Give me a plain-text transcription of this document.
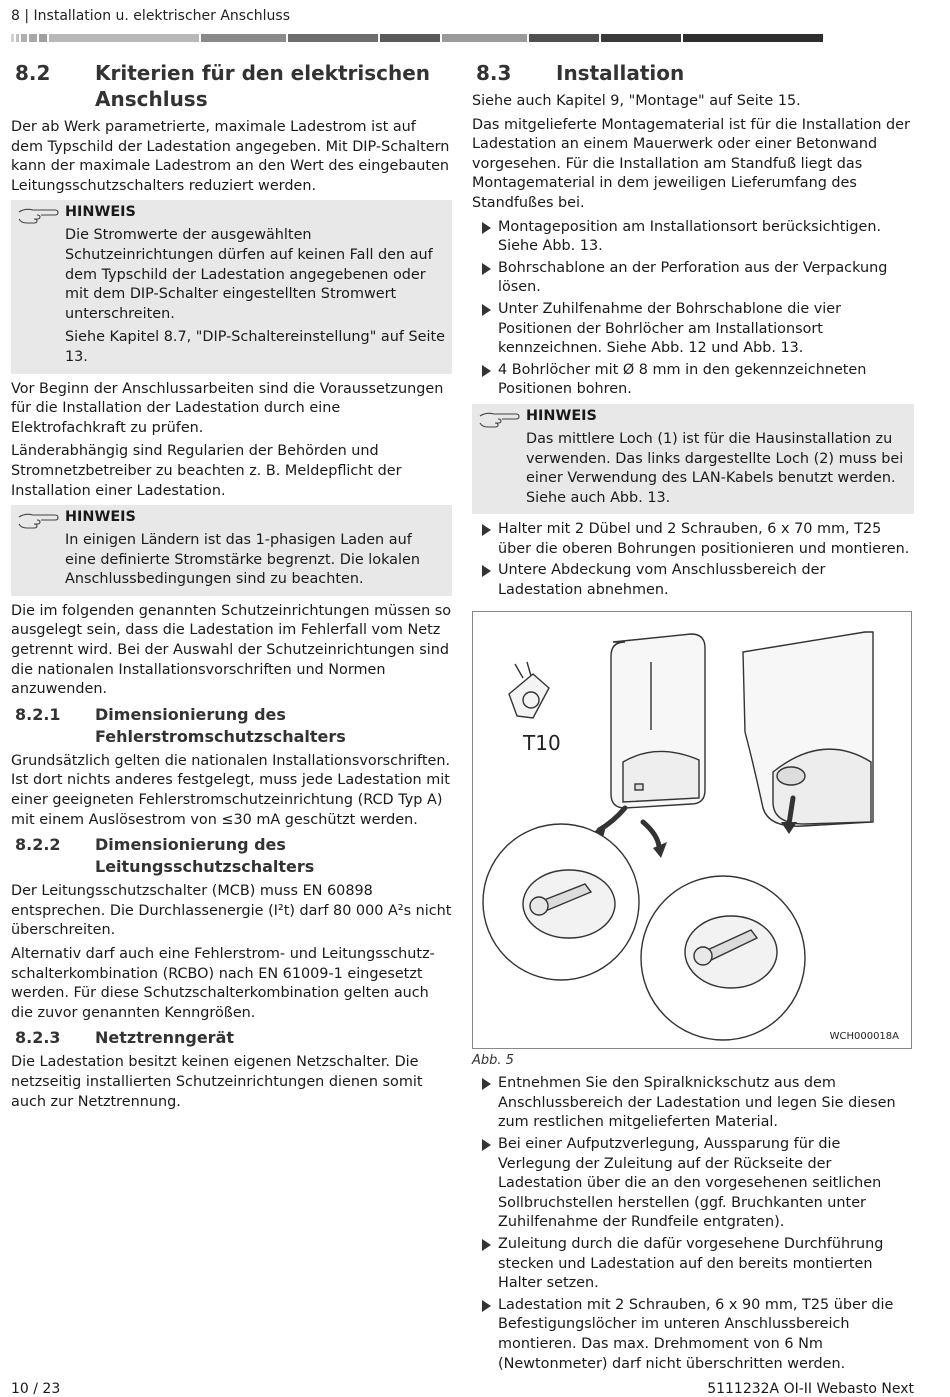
8 | Installation u. elektrischer Anschluss
8.2	Kriterien für den elektrischen
Anschluss

Der ab Werk parametrierte, maximale Ladestrom ist auf dem Typschild der Ladestation angegeben. Mit DIP-Schaltern kann der maximale Ladestrom an den Wert des eingebauten Leitungsschutzschalters reduziert werden.

HINWEIS

Die Stromwerte der ausgewählten Schutzeinrichtungen dürfen auf keinen Fall den auf dem Typschild der Ladestation angegebenen oder mit dem DIP-Schalter eingestellten Stromwert unterschreiten.

Siehe Kapitel 8.7, "DIP-Schaltereinstellung" auf Seite 13.

Vor Beginn der Anschlussarbeiten sind die Voraussetzungen für die Installation der Ladestation durch eine Elektrofachkraft zu prüfen.

Länderabhängig sind Regularien der Behörden und Stromnetzbetreiber zu beachten z. B. Meldepflicht der Installation einer Ladestation.

HINWEIS

In einigen Ländern ist das 1-phasigen Laden auf eine definierte Stromstärke begrenzt. Die lokalen Anschlussbedingungen sind zu beachten.

Die im folgenden genannten Schutzeinrichtungen müssen so ausgelegt sein, dass die Ladestation im Fehlerfall vom Netz getrennt wird. Bei der Auswahl der Schutzeinrichtungen sind die nationalen Installationsvorschriften und Normen anzuwenden.

8.2.1	Dimensionierung des
Fehlerstromschutzschalters

Grundsätzlich gelten die nationalen Installationsvorschriften. Ist dort nichts anderes festgelegt, muss jede Ladestation mit einer geeigneten Fehlerstromschutzeinrichtung (RCD Typ A) mit einem Auslösestrom von ≤30 mA geschützt werden.

8.2.2	Dimensionierung des
Leitungsschutzschalters

Der Leitungsschutzschalter (MCB) muss EN 60898 entsprechen. Die Durchlassenergie (I²t) darf 80 000 A²s nicht überschreiten.

Alternativ darf auch eine Fehlerstrom- und Leitungsschutz-schalterkombination (RCBO) nach EN 61009-1 eingesetzt werden. Für diese Schutzschalterkombination gelten auch die zuvor genannten Kenngrößen.

8.2.3	Netztrenngerät

Die Ladestation besitzt keinen eigenen Netzschalter. Die netzseitig installierten Schutzeinrichtungen dienen somit auch zur Netztrennung.

8.3	Installation

Siehe auch Kapitel 9, "Montage" auf Seite 15.

Das mitgelieferte Montagematerial ist für die Installation der Ladestation an einem Mauerwerk oder einer Betonwand vorgesehen. Für die Installation am Standfuß liegt das Montagematerial in dem jeweiligen Lieferumfang des Standfußes bei.

Montageposition am Installationsort berücksichtigen. Siehe Abb. 13.
Bohrschablone an der Perforation aus der Verpackung lösen.
Unter Zuhilfenahme der Bohrschablone die vier Positionen der Bohrlöcher am Installationsort kennzeichnen. Siehe Abb. 12 und Abb. 13.
4 Bohrlöcher mit Ø 8 mm in den gekennzeichneten Positionen bohren.

HINWEIS

Das mittlere Loch (1) ist für die Hausinstallation zu verwenden. Das links dargestellte Loch (2) muss bei einer Verwendung des LAN-Kabels benutzt werden. Siehe auch Abb. 13.

Halter mit 2 Dübel und 2 Schrauben, 6 x 70 mm, T25 über die oberen Bohrungen positionieren und montieren.
Untere Abdeckung vom Anschlussbereich der Ladestation abnehmen.
T10
WCH000018A

Abb. 5

Entnehmen Sie den Spiralknickschutz aus dem Anschlussbereich der Ladestation und legen Sie diesen zum restlichen mitgelieferten Material.
Bei einer Aufputzverlegung, Aussparung für die Verlegung der Zuleitung auf der Rückseite der Ladestation über die an den vorgesehenen seitlichen Sollbruchstellen herstellen (ggf. Bruchkanten unter Zuhilfenahme der Rundfeile entgraten).
Zuleitung durch die dafür vorgesehene Durchführung stecken und Ladestation auf den bereits montierten Halter setzen.
Ladestation mit 2 Schrauben, 6 x 90 mm, T25 über die Befestigungslöcher im unteren Anschlussbereich montieren. Das max. Drehmoment von 6 Nm (Newtonmeter) darf nicht überschritten werden.
10 / 23	5111232A OI-II Webasto Next
